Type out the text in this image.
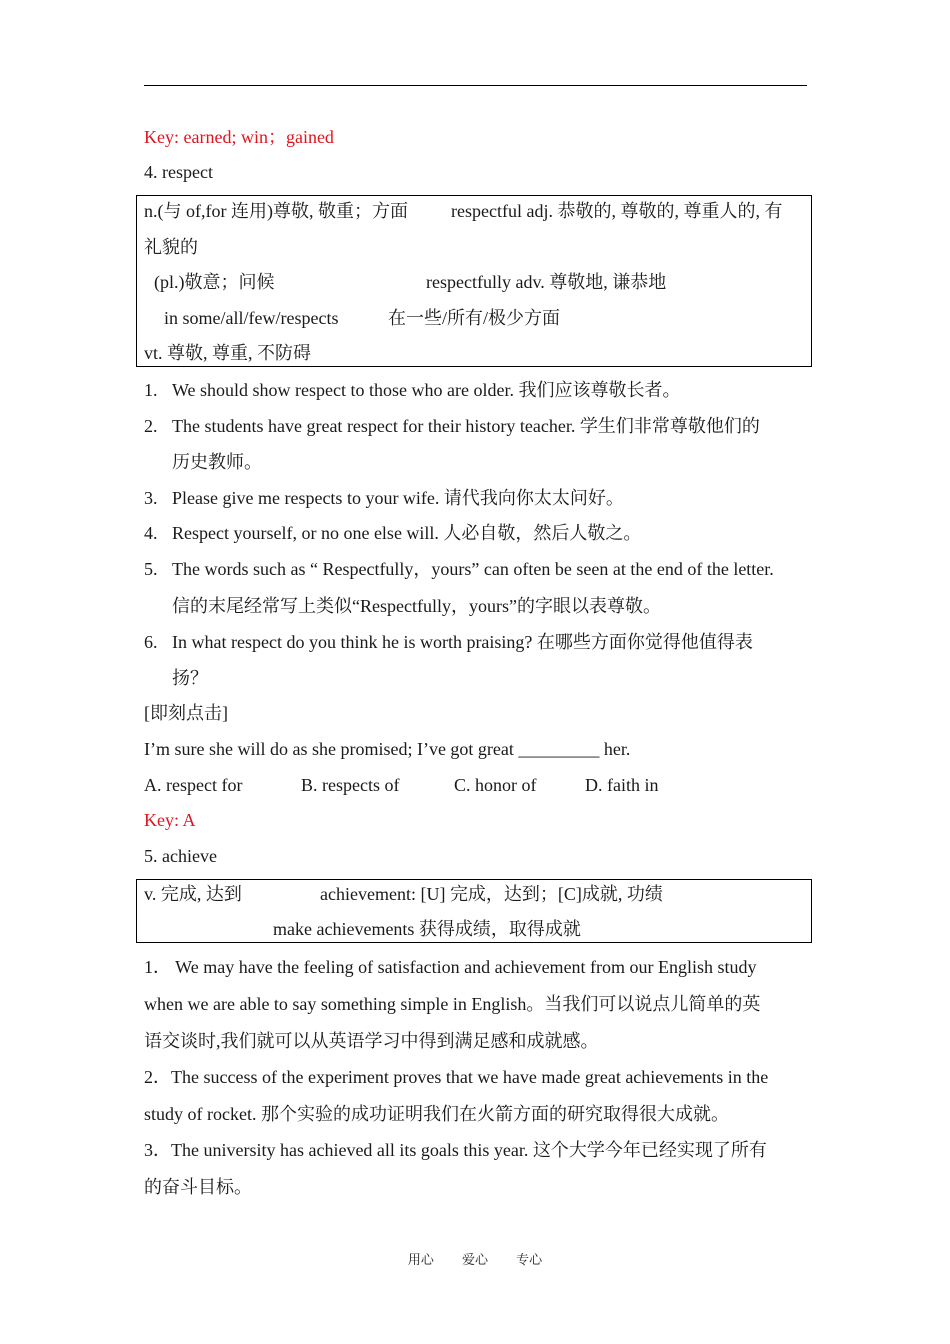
Key: earned; win；gained
4. respect
n.(与 of,for 连用)尊敬, 敬重；方面 respectful adj. 恭敬的, 尊敬的, 尊重人的, 有
礼貌的
(pl.)敬意；问候	respectfully adv. 尊敬地, 谦恭地
in some/all/few/respects	在一些/所有/极少方面
vt. 尊敬, 尊重, 不防碍
1. We should show respect to those who are older. 我们应该尊敬长者。
2. The students have great respect for their history teacher. 学生们非常尊敬他们的
历史教师。
3. Please give me respects to your wife. 请代我向你太太问好。
4. Respect yourself, or no one else will. 人必自敬，然后人敬之。
5. The words such as “ Respectfully，yours” can often be seen at the end of the letter.
信的末尾经常写上类似“Respectfully，yours”的字眼以表尊敬。
6. In what respect do you think he is worth praising? 在哪些方面你觉得他值得表
扬？
[即刻点击]
I’m sure she will do as she promised; I’ve got great _________ her.
A. respect for	B. respects of	C. honor of	D. faith in
Key: A
5. achieve
v. 完成, 达到	achievement: [U] 完成，达到；[C]成就, 功绩
make achievements 获得成绩，取得成就
1． We may have the feeling of satisfaction and achievement from our English study
when we are able to say something simple in English。当我们可以说点儿简单的英
语交谈时,我们就可以从英语学习中得到满足感和成就感。
2．The success of the experiment proves that we have made great achievements in the
study of rocket. 那个实验的成功证明我们在火箭方面的研究取得很大成就。
3．The university has achieved all its goals this year. 这个大学今年已经实现了所有
的奋斗目标。
用心 爱心 专心
